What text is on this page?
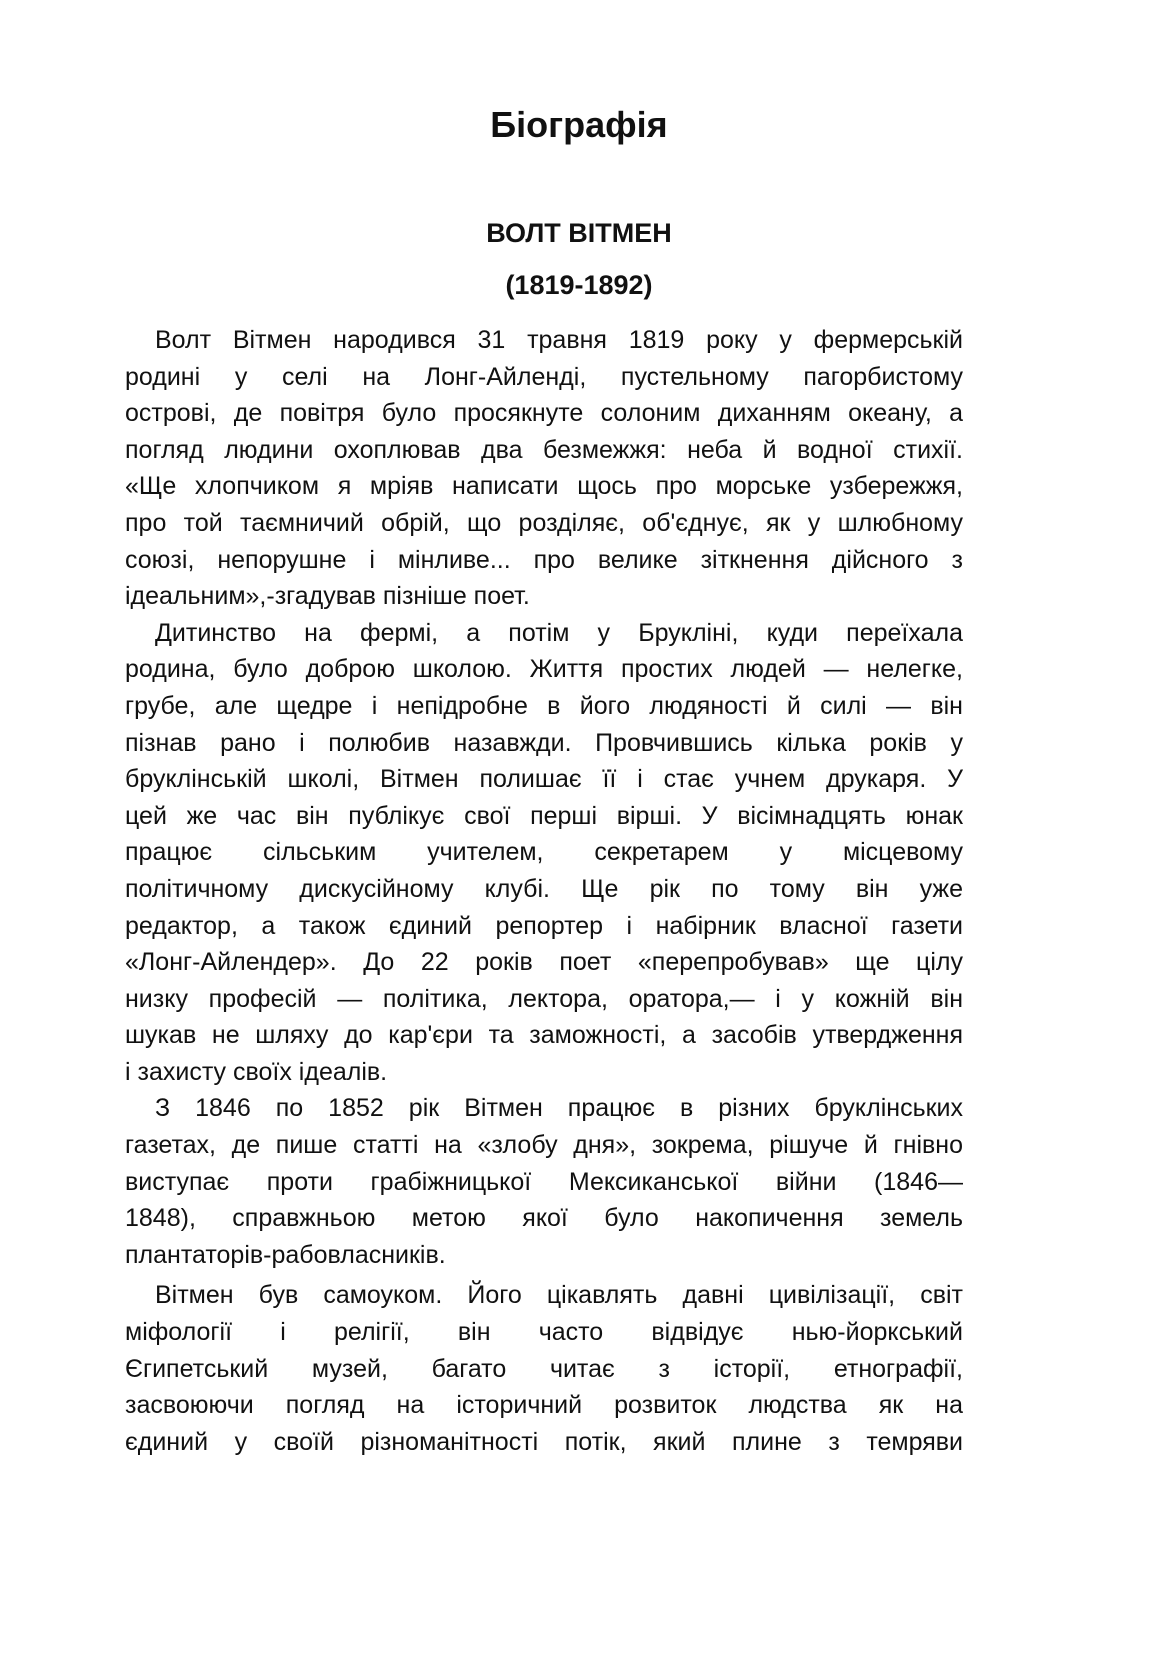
Біографія
ВОЛТ ВІТМЕН
(1819-1892)
Волт Вітмен народився 31 травня 1819 року у фермерській
родині у селі на Лонг-Айленді, пустельному пагорбистому
острові, де повітря було просякнуте солоним диханням океану, а
погляд людини охоплював два безмежжя: неба й водної стихії.
«Ще хлопчиком я мріяв написати щось про морське узбережжя,
про той таємничий обрій, що розділяє, об'єднує, як у шлюбному
союзі, непорушне і мінливе... про велике зіткнення дійсного з
ідеальним»,-згадував пізніше поет.
Дитинство на фермі, а потім у Брукліні, куди переїхала
родина, було доброю школою. Життя простих людей — нелегке,
грубе, але щедре і непідробне в його людяності й силі — він
пізнав рано і полюбив назавжди. Провчившись кілька років у
бруклінській школі, Вітмен полишає її і стає учнем друкаря. У
цей же час він публікує свої перші вірші. У вісімнадцять юнак
працює сільським учителем, секретарем у місцевому
політичному дискусійному клубі. Ще рік по тому він уже
редактор, а також єдиний репортер і набірник власної газети
«Лонг-Айлендер». До 22 років поет «перепробував» ще цілу
низку професій — політика, лектора, оратора,— і у кожній він
шукав не шляху до кар'єри та заможності, а засобів утвердження
і захисту своїх ідеалів.
З 1846 по 1852 рік Вітмен працює в різних бруклінських
газетах, де пише статті на «злобу дня», зокрема, рішуче й гнівно
виступає проти грабіжницької Мексиканської війни (1846—
1848), справжньою метою якої було накопичення земель
плантаторів-рабовласників.
Вітмен був самоуком. Його цікавлять давні цивілізації, світ
міфології і релігії, він часто відвідує нью-йоркський
Єгипетський музей, багато читає з історії, етнографії,
засвоюючи погляд на історичний розвиток людства як на
єдиний у своїй різноманітності потік, який плине з темряви
